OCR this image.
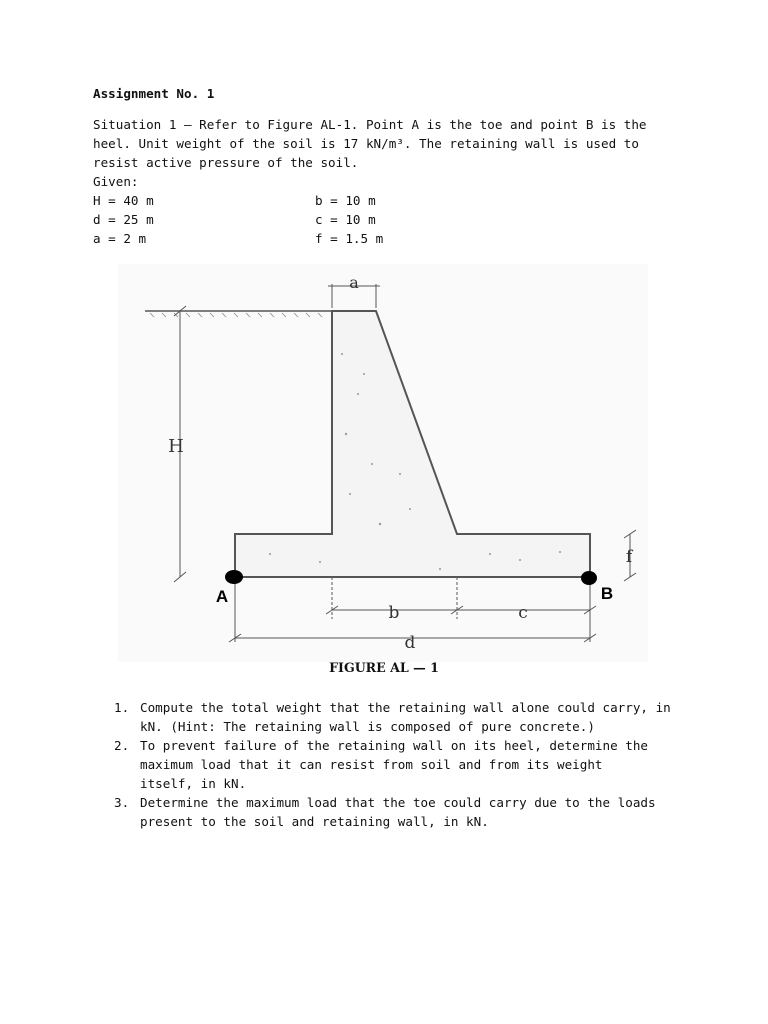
Assignment No. 1
Situation 1 — Refer to Figure AL-1. Point A is the toe and point B is the heel. Unit weight of the soil is 17 kN/m³. The retaining wall is used to resist active pressure of the soil.
Given:
H = 40 m	b = 10 m
d = 25 m	c = 10 m
a = 2 m	f = 1.5 m
a
H
f
b	c
d
A	B
FIGURE AL — 1
1. Compute the total weight that the retaining wall alone could carry, in kN. (Hint: The retaining wall is composed of pure concrete.)
2. To prevent failure of the retaining wall on its heel, determine the maximum load that it can resist from soil and from its weight itself, in kN.
3. Determine the maximum load that the toe could carry due to the loads present to the soil and retaining wall, in kN.
